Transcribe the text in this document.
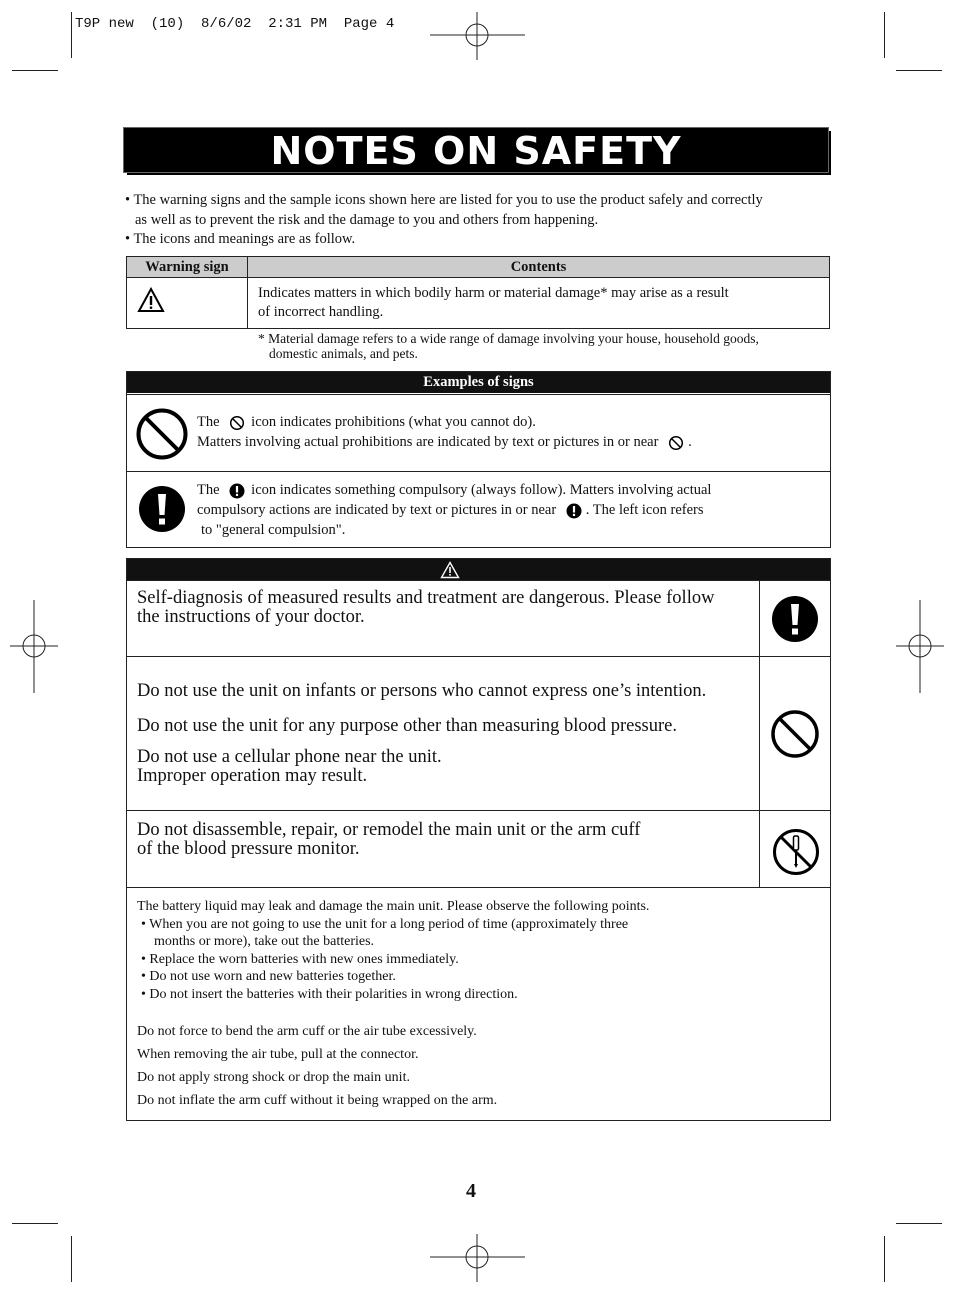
T9P new  (10)  8/6/02  2:31 PM  Page 4
NOTES ON SAFETY
• The warning signs and the sample icons shown here are listed for you to use the product safely and correctly
as well as to prevent the risk and the damage to you and others from happening.
• The icons and meanings are as follow.
Warning sign	Contents

Indicates matters in which bodily harm or material damage* may arise as a result
of incorrect handling.
* Material damage refers to a wide range of damage involving your house, household goods,
domestic animals, and pets.
Examples of signs
The icon indicates prohibitions (what you cannot do).
Matters involving actual prohibitions are indicated by text or pictures in or near .
The icon indicates something compulsory (always follow). Matters involving actual
compulsory actions are indicated by text or pictures in or near . The left icon refers
to "general compulsion".
Self-diagnosis of measured results and treatment are dangerous. Please follow
the instructions of your doctor.
Do not use the unit on infants or persons who cannot express one’s intention.
Do not use the unit for any purpose other than measuring blood pressure.
Do not use a cellular phone near the unit.
Improper operation may result.
Do not disassemble, repair, or remodel the main unit or the arm cuff
of the blood pressure monitor.
The battery liquid may leak and damage the main unit. Please observe the following points.
• When you are not going to use the unit for a long period of time (approximately three
months or more), take out the batteries.
• Replace the worn batteries with new ones immediately.
• Do not use worn and new batteries together.
• Do not insert the batteries with their polarities in wrong direction.
Do not force to bend the arm cuff or the air tube excessively.
When removing the air tube, pull at the connector.
Do not apply strong shock or drop the main unit.
Do not inflate the arm cuff without it being wrapped on the arm.
4
